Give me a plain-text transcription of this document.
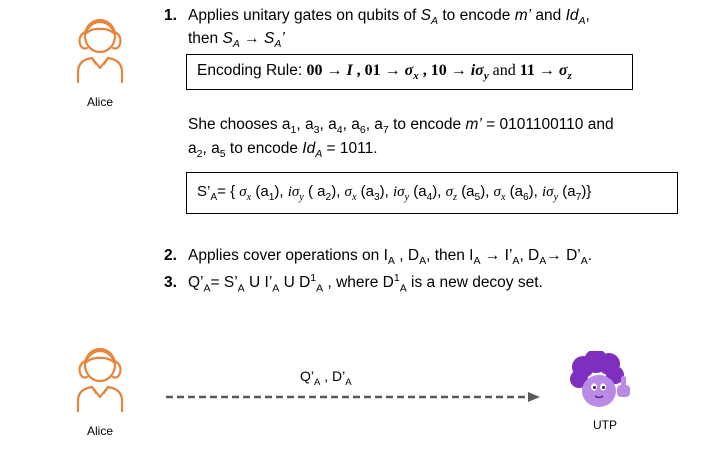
Alice
1. Applies unitary gates on qubits of $S_A$ to encode m’ and $Id_A$,
then $S_A \to S_A$’
Encoding Rule: 00 → I , $01 \to \sigma_x$ , $10 \to i\sigma_y$ and $11 \to \sigma_z$
She chooses $a_1$, $a_3$, $a_4$, $a_6$, $a_7$ to encode m’ = 0101100110 and
$a_2$, $a_5$ to encode $Id_A = 1011$.
$S’_A=$ { $\sigma_x$ $(a_1)$, $i\sigma_y$ ( $a_2$), $\sigma_x$ $(a_3)$, $i\sigma_y$ $(a_4)$, $\sigma_z$ $(a_5)$, $\sigma_x$ $(a_6)$, $i\sigma_y$ $(a_7)$}
2. Applies cover operations on $I_A$ , $D_A$, then $I_A$ → $I’_A$, $D_A\to$ $D’_A$.
3. $Q’_A=$ $S’_A$ U $I’_A$ U $D^1_A$ , where $D^1_A$ is a new decoy set.
Alice
$Q’_A$ , $D’_A$
UTP
